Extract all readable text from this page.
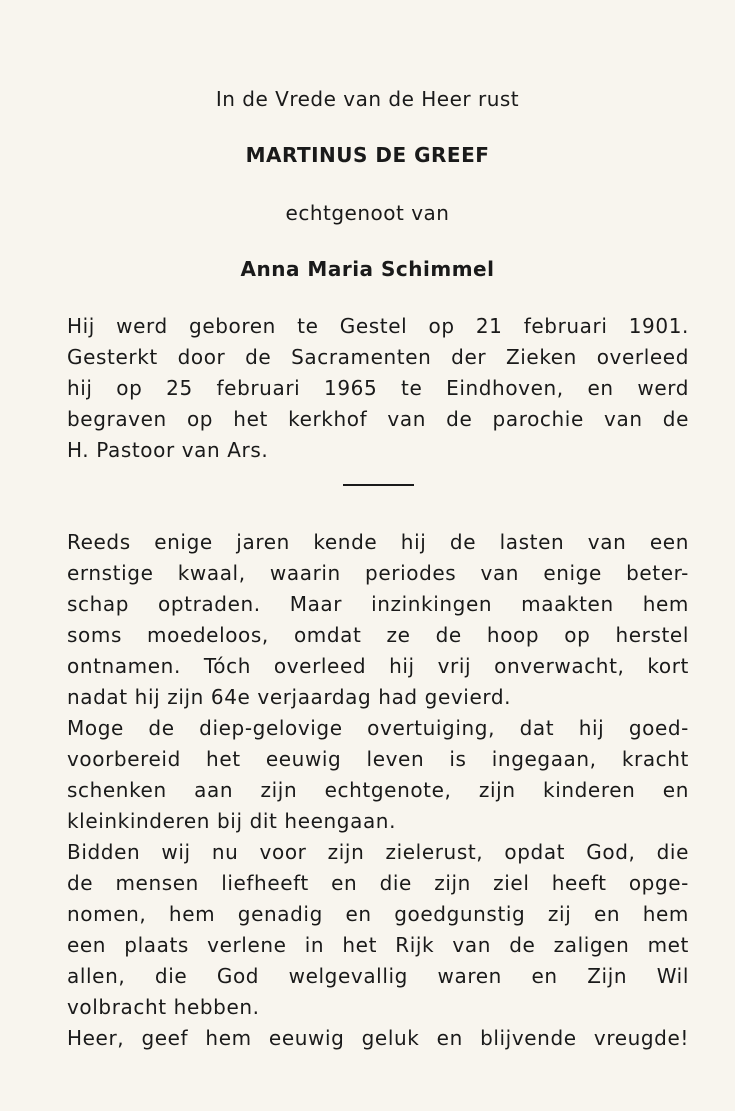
In de Vrede van de Heer rust
MARTINUS DE GREEF
echtgenoot van
Anna Maria Schimmel
Hij werd geboren te Gestel op 21 februari 1901.
Gesterkt door de Sacramenten der Zieken overleed
hij op 25 februari 1965 te Eindhoven, en werd
begraven op het kerkhof van de parochie van de
H. Pastoor van Ars.
Reeds enige jaren kende hij de lasten van een
ernstige kwaal, waarin periodes van enige beter-
schap optraden. Maar inzinkingen maakten hem
soms moedeloos, omdat ze de hoop op herstel
ontnamen. Tóch overleed hij vrij onverwacht, kort
nadat hij zijn 64e verjaardag had gevierd.
Moge de diep-gelovige overtuiging, dat hij goed-
voorbereid het eeuwig leven is ingegaan, kracht
schenken aan zijn echtgenote, zijn kinderen en
kleinkinderen bij dit heengaan.
Bidden wij nu voor zijn zielerust, opdat God, die
de mensen liefheeft en die zijn ziel heeft opge-
nomen, hem genadig en goedgunstig zij en hem
een plaats verlene in het Rijk van de zaligen met
allen, die God welgevallig waren en Zijn Wil
volbracht hebben.
Heer, geef hem eeuwig geluk en blijvende vreugde!
